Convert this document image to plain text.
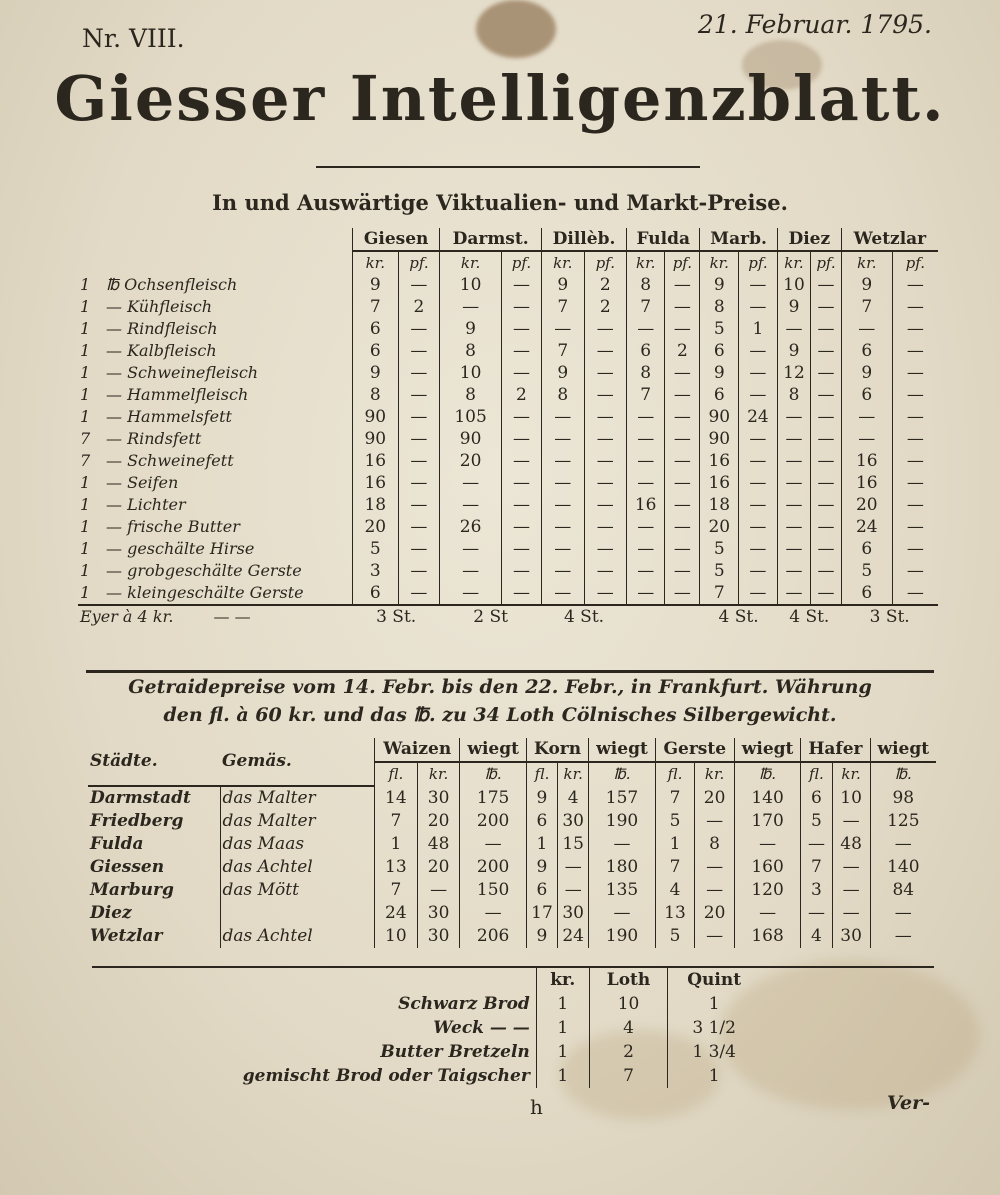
Nr. VIII.	21. Februar. 1795.
Giesser Intelligenzblatt.
In und Auswärtige Viktualien- und Markt-Preise.
	Giesen		Darmst.		Dillèb.		Fulda		Marb.		Diez		Wetzlar	
	kr.	pf.	kr.	pf.	kr.	pf.	kr.	pf.	kr.	pf.	kr.	pf.	kr.	pf.
1 ℔ Ochsenfleisch	9	—	10	—	9	2	8	—	9	—	10	—	9	—
1 — Kühfleisch	7	2	—	—	7	2	7	—	8	—	9	—	7	—
1 — Rindfleisch	6	—	9	—	—	—	—	—	5	1	—	—	—	—
1 — Kalbfleisch	6	—	8	—	7	—	6	2	6	—	9	—	6	—
1 — Schweinefleisch	9	—	10	—	9	—	8	—	9	—	12	—	9	—
1 — Hammelfleisch	8	—	8	2	8	—	7	—	6	—	8	—	6	—
1 — Hammelsfett	90	—	105	—	—	—	—	—	90	24	—	—	—	—
7 — Rindsfett	90	—	90	—	—	—	—	—	90	—	—	—	—	—
7 — Schweinefett	16	—	20	—	—	—	—	—	16	—	—	—	16	—
1 — Seifen	16	—	—	—	—	—	—	—	16	—	—	—	16	—
1 — Lichter	18	—	—	—	—	—	16	—	18	—	—	—	20	—
1 — frische Butter	20	—	26	—	—	—	—	—	20	—	—	—	24	—
1 — geschälte Hirse	5	—	—	—	—	—	—	—	5	—	—	—	6	—
1 — grobgeschälte Gerste	3	—	—	—	—	—	—	—	5	—	—	—	5	—
1 — kleingeschälte Gerste	6	—	—	—	—	—	—	—	7	—	—	—	6	—
Eyer à 4 kr. — —	3 St.		2 St		4 St.				4 St.		4 St.		3 St.	
Getraidepreise vom 14. Febr. bis den 22. Febr., in Frankfurt. Währung
den fl. à 60 kr. und das ℔. zu 34 Loth Cölnisches Silbergewicht.
Städte.	Gemäs.	Waizen		wiegt	Korn		wiegt	Gerste		wiegt	Hafer		wiegt
		fl.	kr.	℔.	fl.	kr.	℔.	fl.	kr.	℔.	fl.	kr.	℔.
Darmstadt	das Malter	14	30	175	9	4	157	7	20	140	6	10	98
Friedberg	das Malter	7	20	200	6	30	190	5	—	170	5	—	125
Fulda	das Maas	1	48	—	1	15	—	1	8	—	—	48	—
Giessen	das Achtel	13	20	200	9	—	180	7	—	160	7	—	140
Marburg	das Mött	7	—	150	6	—	135	4	—	120	3	—	84
Diez		24	30	—	17	30	—	13	20	—	—	—	—
Wetzlar	das Achtel	10	30	206	9	24	190	5	—	168	4	30	—
	kr.	Loth	Quint
Schwarz Brod	1	10	1
Weck — —	1	4	3 1/2
Butter Bretzeln	1	2	1 3/4
gemischt Brod oder Taigscher	1	7	1
h	Ver-
